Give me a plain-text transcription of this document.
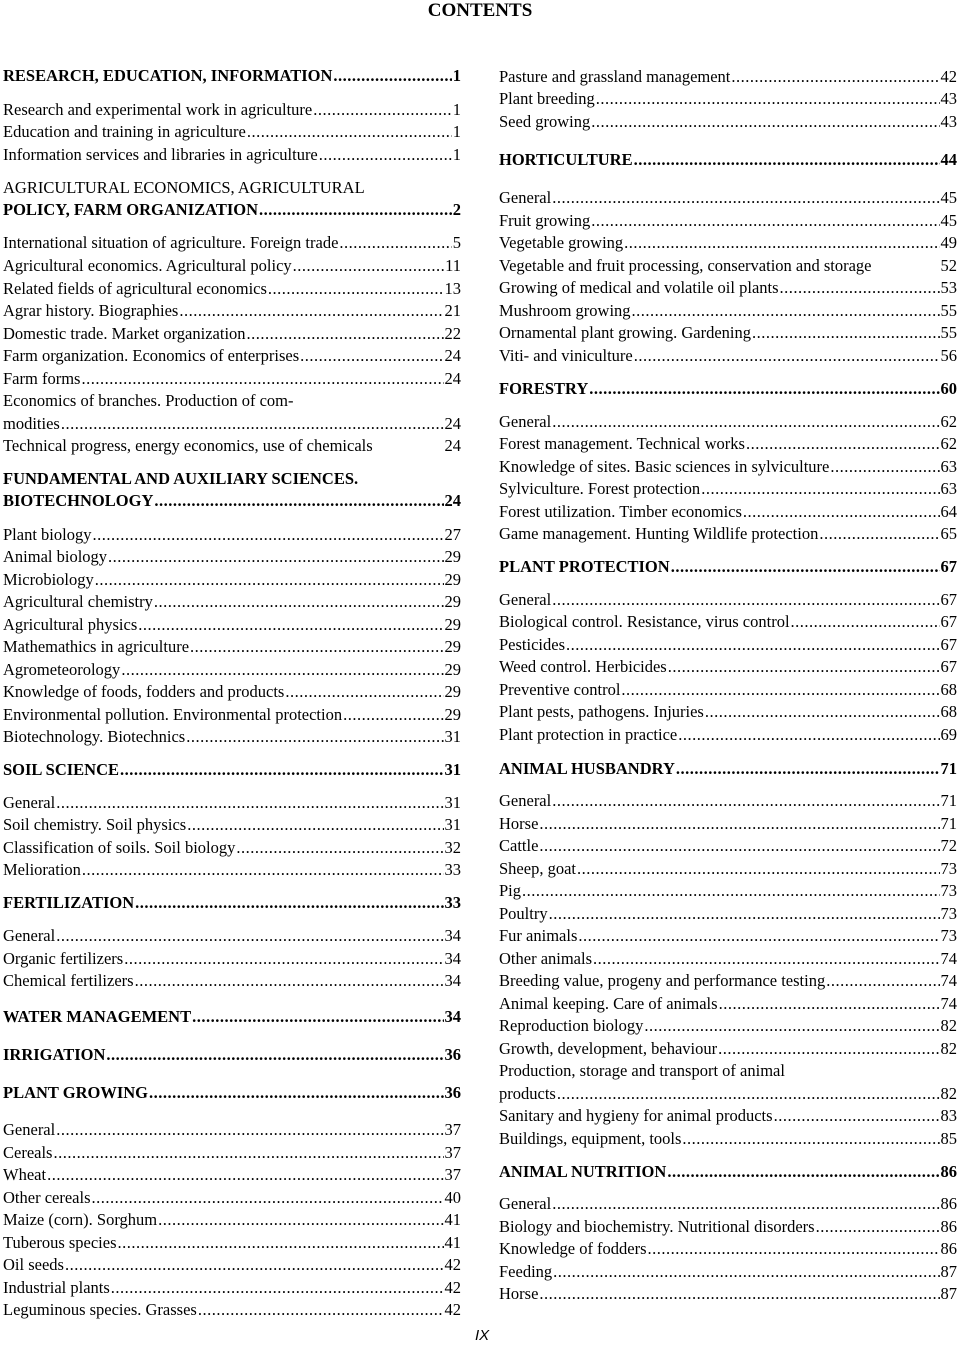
CONTENTS
RESEARCH, EDUCATION, INFORMATION .....	1
Research and experimental work in agriculture .....	1
Education and training in agriculture .....	1
Information services and libraries in agriculture .....	1
AGRICULTURAL ECONOMICS, AGRICULTURAL
POLICY, FARM ORGANIZATION .....	2
International situation of agriculture. Foreign trade .....	5
Agricultural economics. Agricultural policy .....	11
Related fields of agricultural economics .....	13
Agrar history. Biographies .....	21
Domestic trade. Market organization .....	22
Farm organization. Economics of enterprises .....	24
Farm forms .....	24
Economics of branches. Production of com-
modities .....	24
Technical progress, energy economics, use of chemicals	24
FUNDAMENTAL AND AUXILIARY SCIENCES.
BIOTECHNOLOGY .....	24
Plant biology .....	27
Animal biology .....	29
Microbiology .....	29
Agricultural chemistry .....	29
Agricultural physics .....	29
Mathemathics in agriculture .....	29
Agrometeorology .....	29
Knowledge of foods, fodders and products .....	29
Environmental pollution. Environmental protection .....	29
Biotechnology. Biotechnics .....	31
SOIL SCIENCE .....	31
General .....	31
Soil chemistry. Soil physics .....	31
Classification of soils. Soil biology .....	32
Melioration .....	33
FERTILIZATION .....	33
General .....	34
Organic fertilizers .....	34
Chemical fertilizers .....	34
WATER MANAGEMENT .....	34
IRRIGATION .....	36
PLANT GROWING .....	36
General .....	37
Cereals .....	37
Wheat .....	37
Other cereals .....	40
Maize (corn). Sorghum .....	41
Tuberous species .....	41
Oil seeds .....	42
Industrial plants .....	42
Leguminous species. Grasses .....	42
Pasture and grassland management .....	42
Plant breeding .....	43
Seed growing .....	43
HORTICULTURE .....	44
General .....	45
Fruit growing .....	45
Vegetable growing .....	49
Vegetable and fruit processing, conservation and storage	52
Growing of medical and volatile oil plants .....	53
Mushroom growing .....	55
Ornamental plant growing. Gardening .....	55
Viti- and viniculture .....	56
FORESTRY .....	60
General .....	62
Forest management. Technical works .....	62
Knowledge of sites. Basic sciences in sylviculture .....	63
Sylviculture. Forest protection .....	63
Forest utilization. Timber economics .....	64
Game management. Hunting Wildlife protection .....	65
PLANT PROTECTION .....	67
General .....	67
Biological control. Resistance, virus control .....	67
Pesticides .....	67
Weed control. Herbicides .....	67
Preventive control .....	68
Plant pests, pathogens. Injuries .....	68
Plant protection in practice .....	69
ANIMAL HUSBANDRY .....	71
General .....	71
Horse .....	71
Cattle .....	72
Sheep, goat .....	73
Pig .....	73
Poultry .....	73
Fur animals .....	73
Other animals .....	74
Breeding value, progeny and performance testing .....	74
Animal keeping. Care of animals .....	74
Reproduction biology .....	82
Growth, development, behaviour .....	82
Production, storage and transport of animal
products .....	82
Sanitary and hygieny for animal products .....	83
Buildings, equipment, tools .....	85
ANIMAL NUTRITION .....	86
General .....	86
Biology and biochemistry. Nutritional disorders .....	86
Knowledge of fodders .....	86
Feeding .....	87
Horse .....	87
IX
